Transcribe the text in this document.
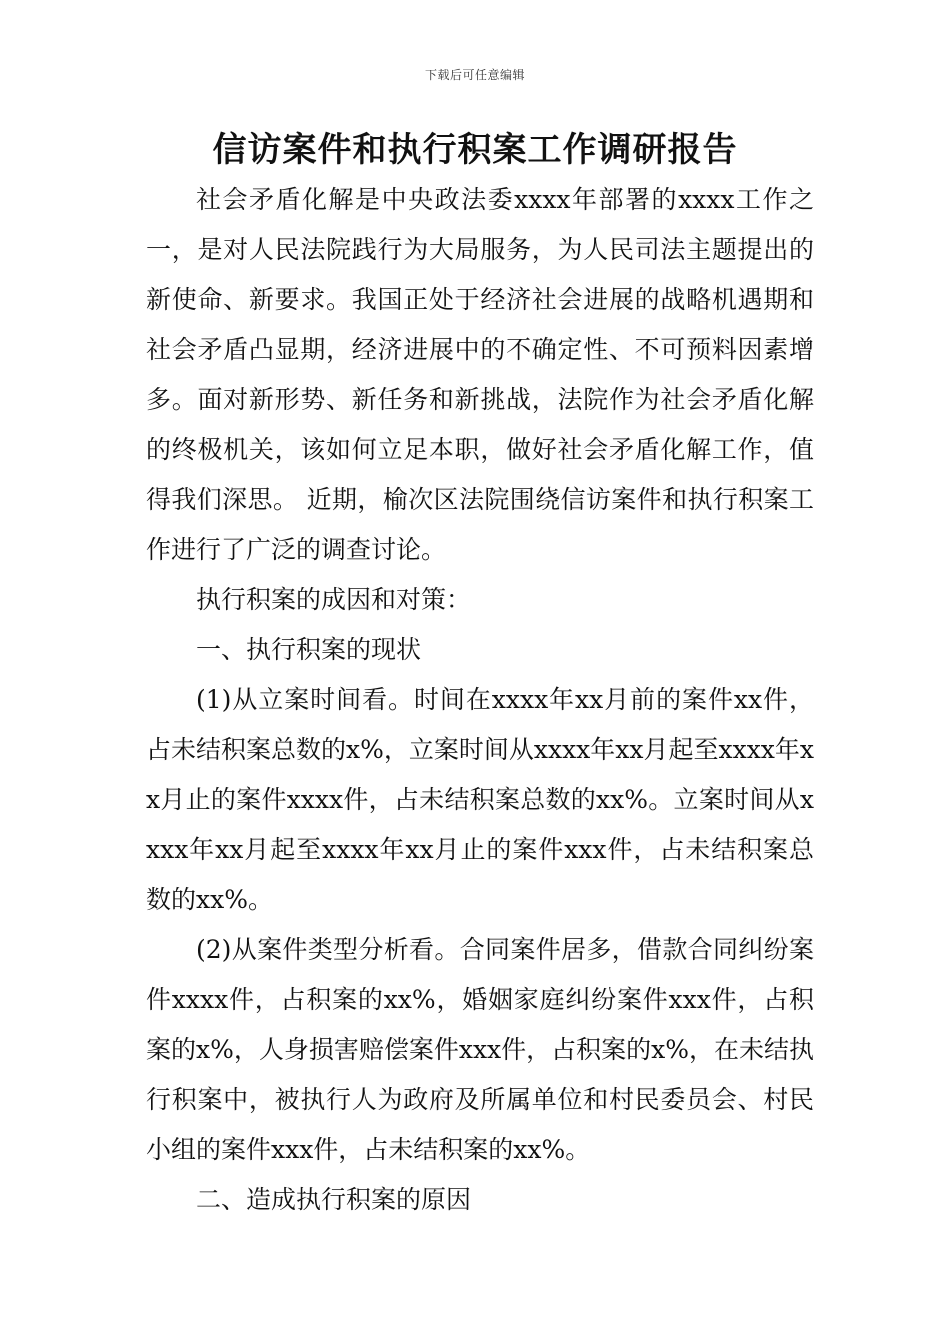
下载后可任意编辑
信访案件和执行积案工作调研报告

社会矛盾化解是中央政法委xxxx年部署的xxxx工作之一，是对人民法院践行为大局服务，为人民司法主题提出的新使命、新要求。我国正处于经济社会进展的战略机遇期和社会矛盾凸显期，经济进展中的不确定性、不可预料因素增多。面对新形势、新任务和新挑战，法院作为社会矛盾化解的终极机关，该如何立足本职，做好社会矛盾化解工作，值得我们深思。 近期，榆次区法院围绕信访案件和执行积案工作进行了广泛的调查讨论。

执行积案的成因和对策：

一、执行积案的现状

(1)从立案时间看。时间在xxxx年xx月前的案件xx件，占未结积案总数的x%，立案时间从xxxx年xx月起至xxxx年xx月止的案件xxxx件，占未结积案总数的xx%。立案时间从xxxx年xx月起至xxxx年xx月止的案件xxx件，占未结积案总数的xx%。

(2)从案件类型分析看。合同案件居多，借款合同纠纷案件xxxx件，占积案的xx%，婚姻家庭纠纷案件xxx件，占积案的x%，人身损害赔偿案件xxx件，占积案的x%，在未结执行积案中，被执行人为政府及所属单位和村民委员会、村民小组的案件xxx件，占未结积案的xx%。

二、造成执行积案的原因
